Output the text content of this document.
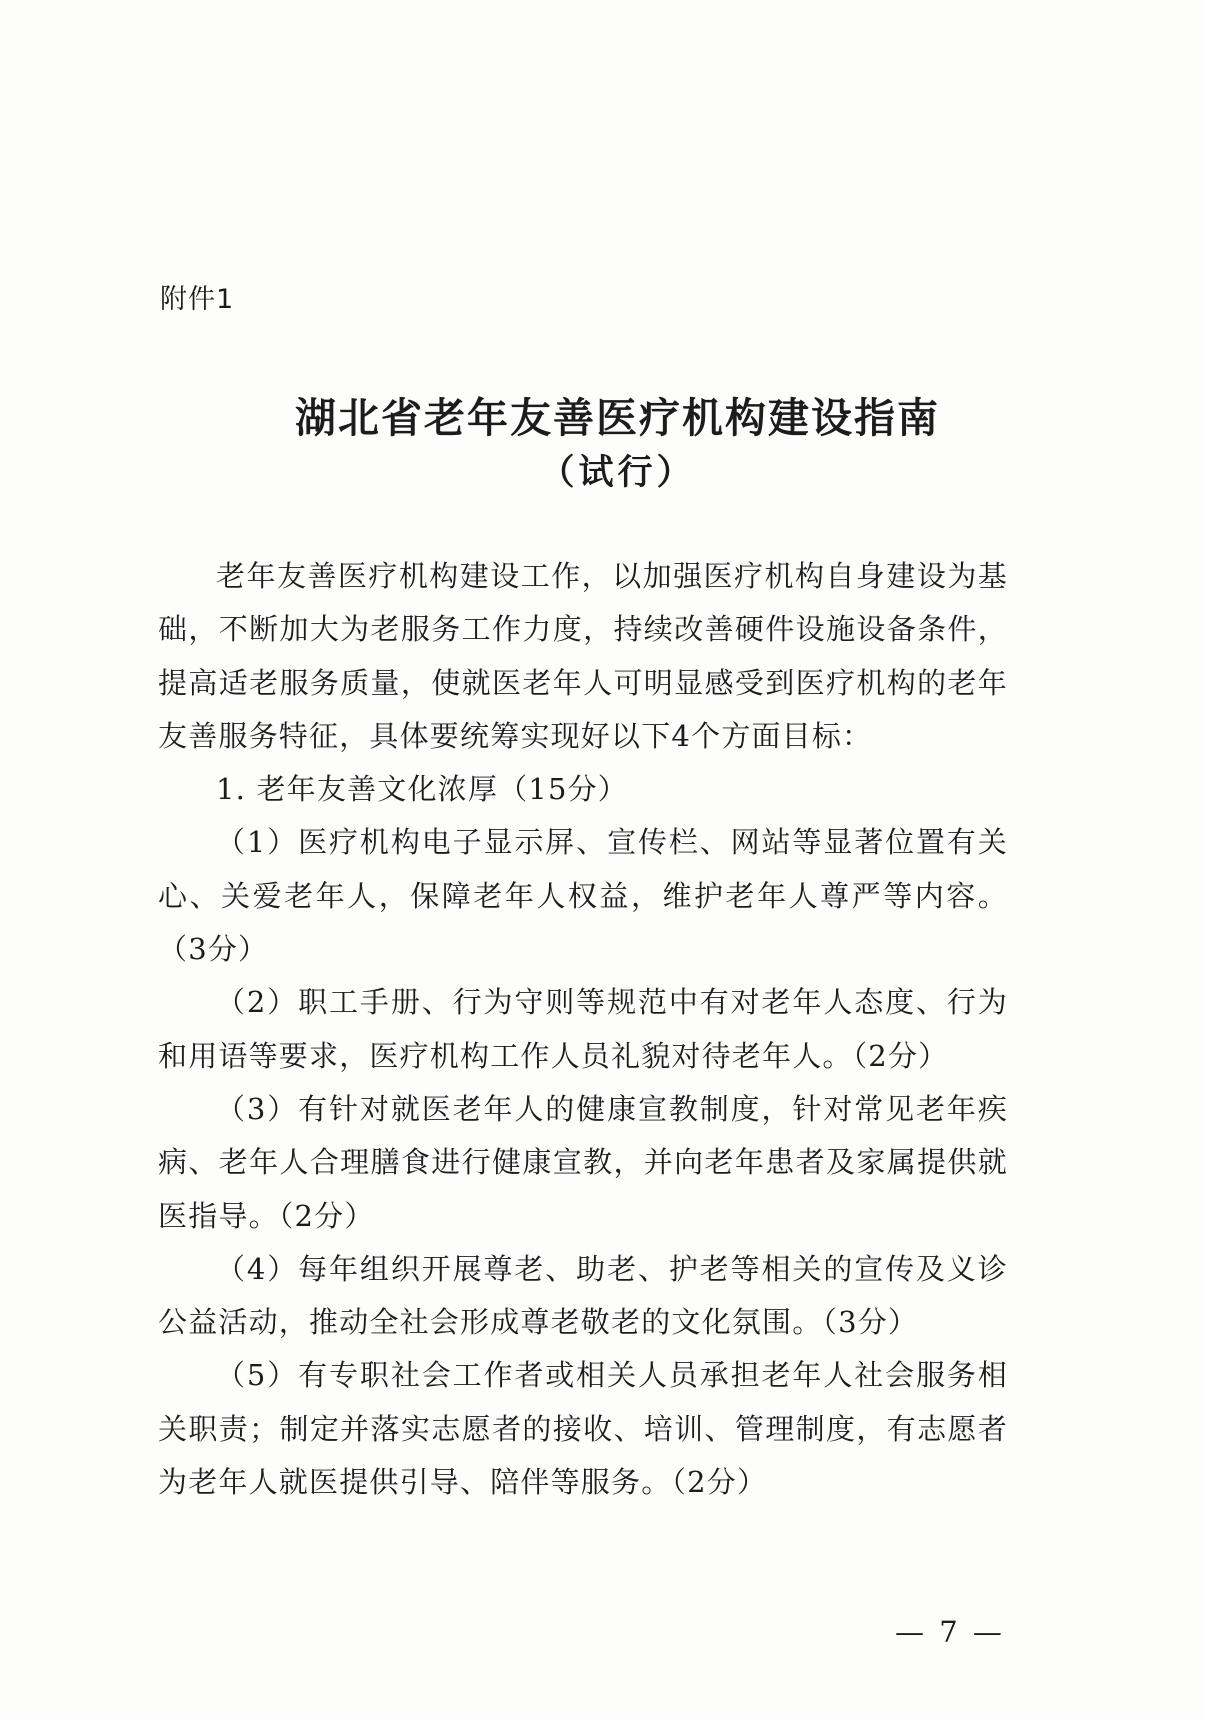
附件1
湖北省老年友善医疗机构建设指南
（试行）

老年友善医疗机构建设工作，以加强医疗机构自身建设为基础，不断加大为老服务工作力度，持续改善硬件设施设备条件，提高适老服务质量，使就医老年人可明显感受到医疗机构的老年友善服务特征，具体要统筹实现好以下4个方面目标：

1. 老年友善文化浓厚（15分）

（1）医疗机构电子显示屏、宣传栏、网站等显著位置有关心、关爱老年人，保障老年人权益，维护老年人尊严等内容。（3分）

（2）职工手册、行为守则等规范中有对老年人态度、行为和用语等要求，医疗机构工作人员礼貌对待老年人。（2分）

（3）有针对就医老年人的健康宣教制度，针对常见老年疾病、老年人合理膳食进行健康宣教，并向老年患者及家属提供就医指导。（2分）

（4）每年组织开展尊老、助老、护老等相关的宣传及义诊公益活动，推动全社会形成尊老敬老的文化氛围。（3分）

（5）有专职社会工作者或相关人员承担老年人社会服务相关职责；制定并落实志愿者的接收、培训、管理制度，有志愿者为老年人就医提供引导、陪伴等服务。（2分）

— 7 —
